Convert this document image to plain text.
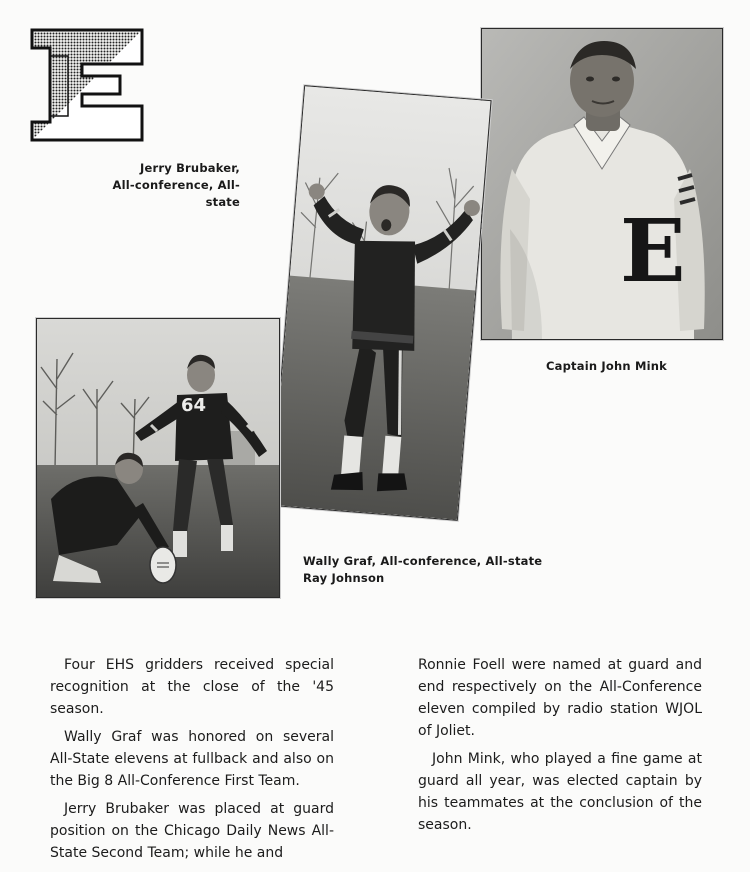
Jerry Brubaker,
All-conference, All-state	E
Captain John Mink
64
Wally Graf, All-conference, All-state
Ray Johnson

Four EHS gridders received special recognition at the close of the '45 season.

Wally Graf was honored on several All-State elevens at fullback and also on the Big 8 All-Conference First Team.

Jerry Brubaker was placed at guard position on the Chicago Daily News All-State Second Team; while he and

Ronnie Foell were named at guard and end respectively on the All-Conference eleven compiled by radio station WJOL of Joliet.

John Mink, who played a fine game at guard all year, was elected captain by his teammates at the conclusion of the season.
